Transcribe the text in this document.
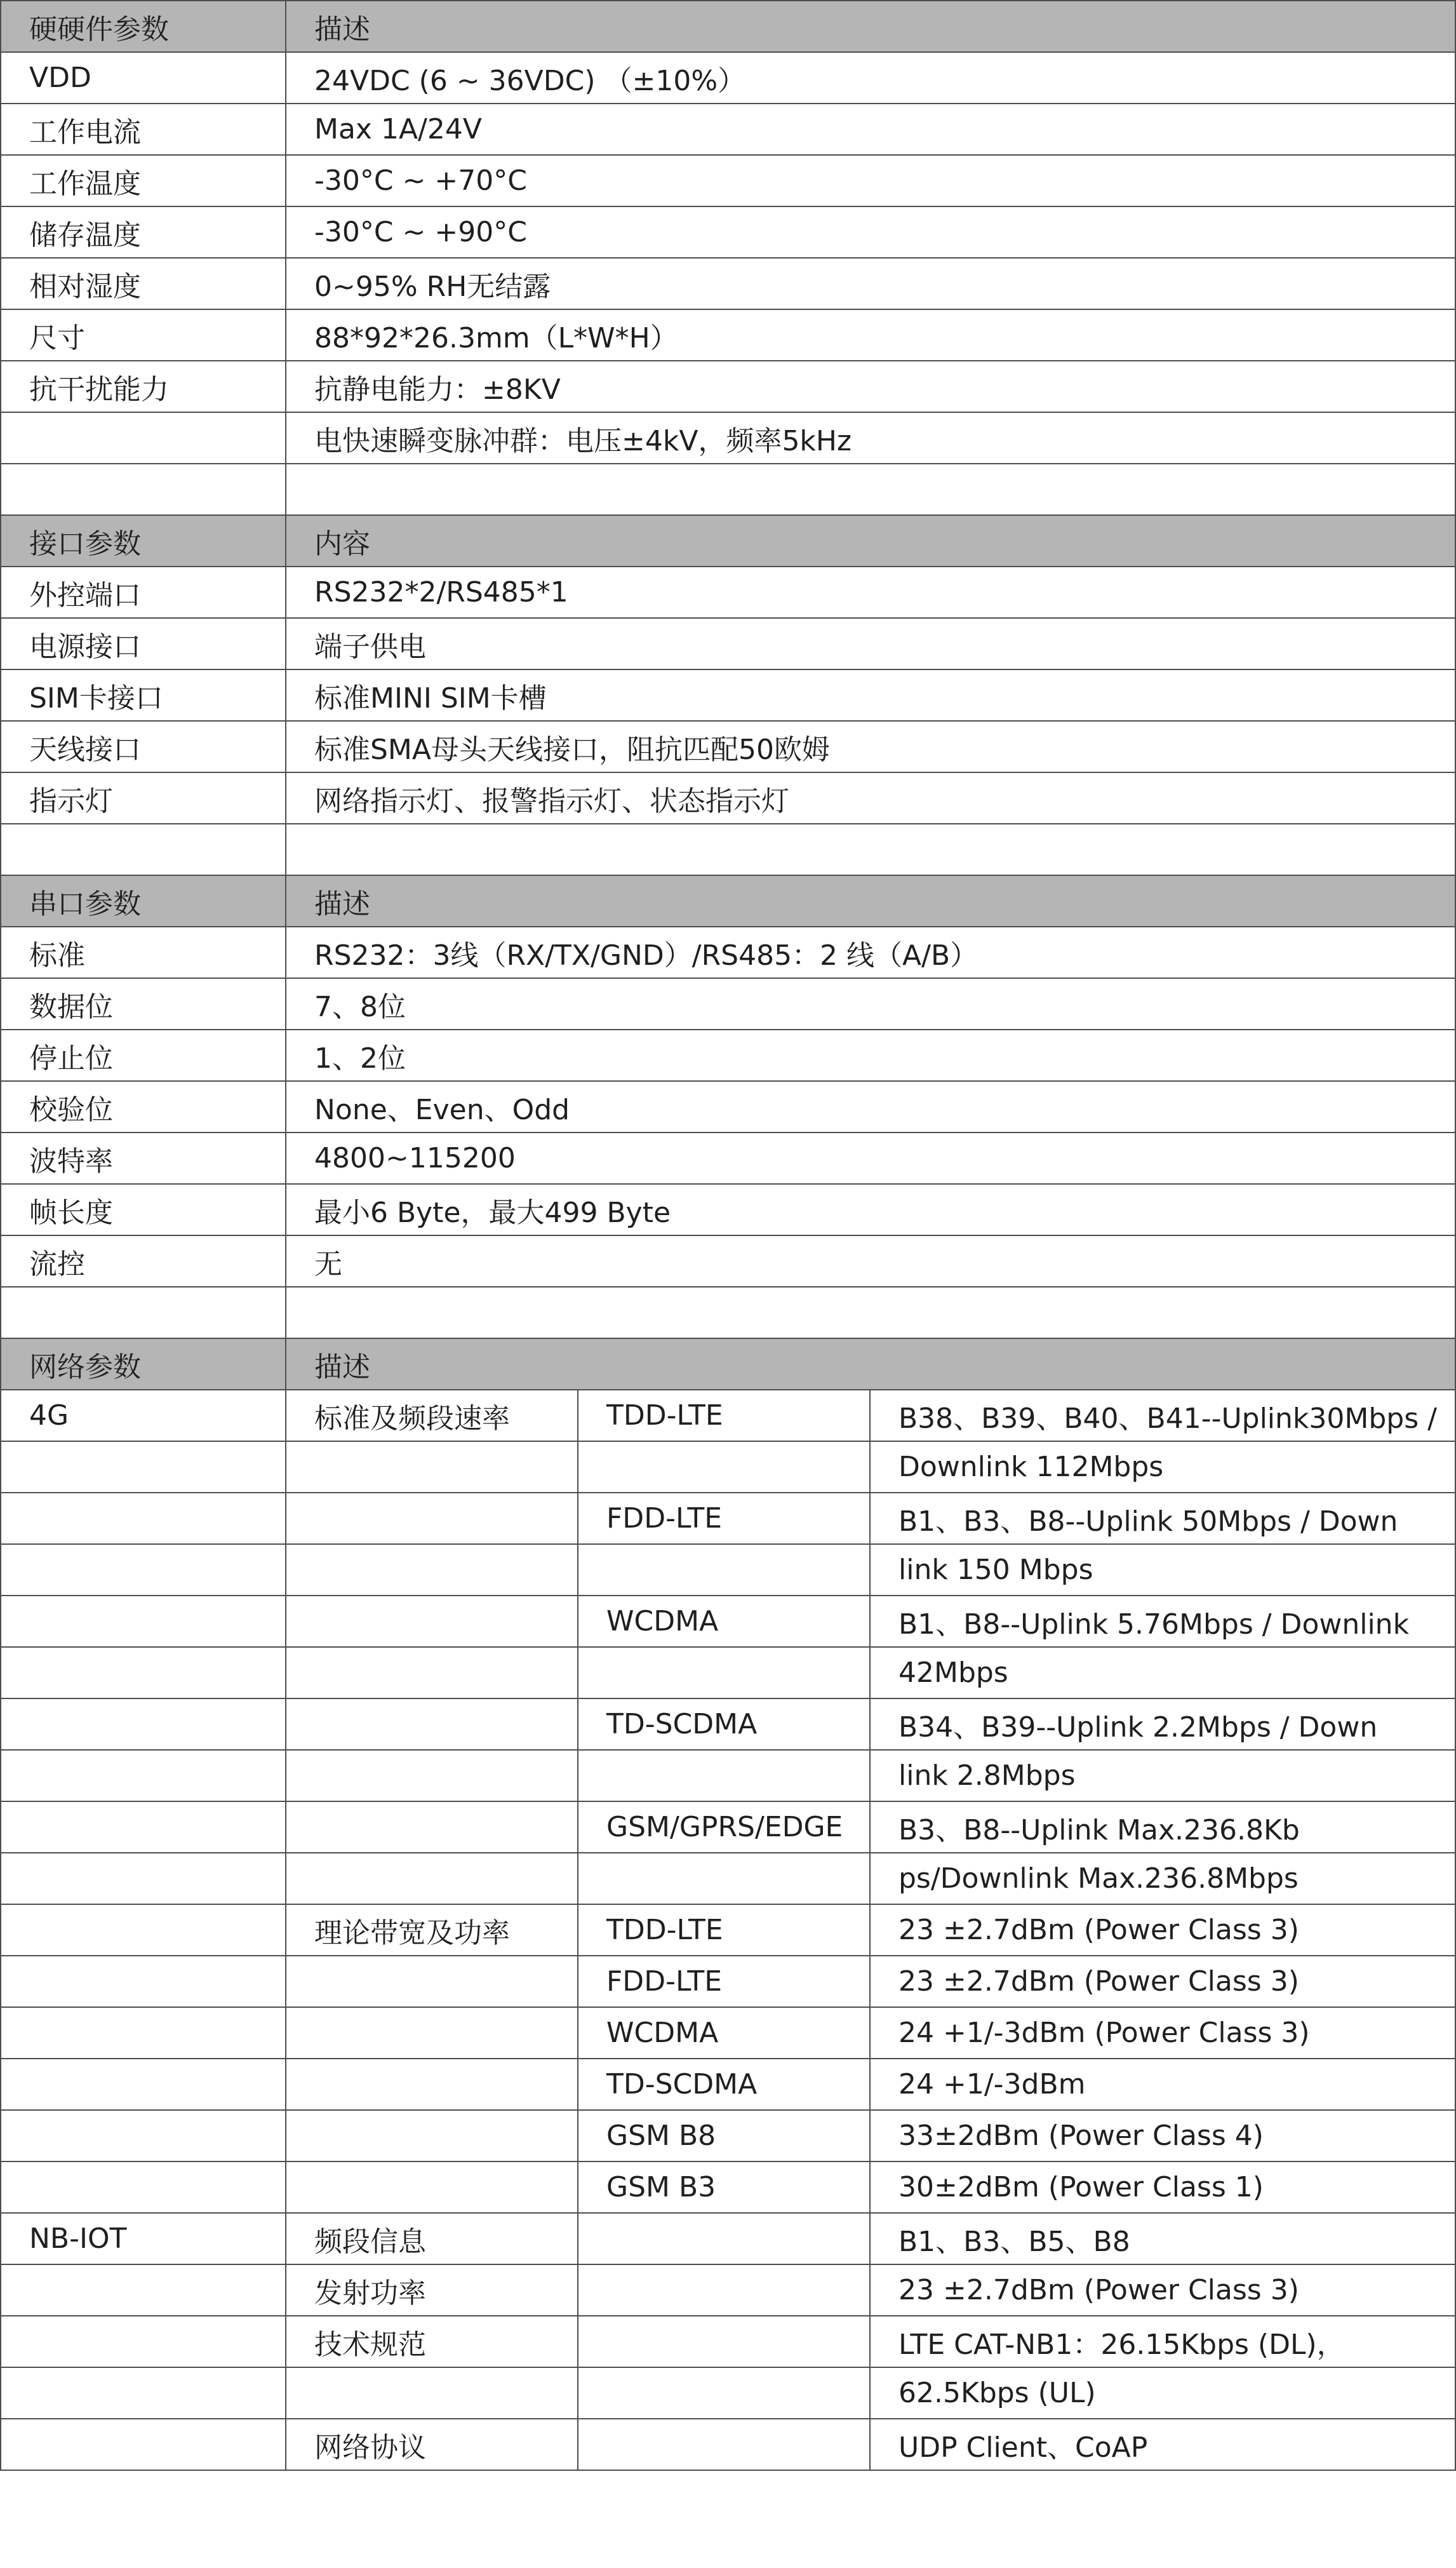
硬硬件参数	描述		
VDD	24VDC (6 ~ 36VDC) （±10%）		
工作电流	Max 1A/24V		
工作温度	-30°C ~ +70°C		
储存温度	-30°C ~ +90°C		
相对湿度	0~95% RH无结露		
尺寸	88*92*26.3mm（L*W*H）		
抗干扰能力	抗静电能力：±8KV		
	电快速瞬变脉冲群：电压±4kV，频率5kHz		

接口参数	内容		
外控端口	RS232*2/RS485*1		
电源接口	端子供电		
SIM卡接口	标准MINI SIM卡槽		
天线接口	标准SMA母头天线接口，阻抗匹配50欧姆		
指示灯	网络指示灯、报警指示灯、状态指示灯		

串口参数	描述		
标准	RS232：3线（RX/TX/GND）/RS485：2 线（A/B）		
数据位	7、8位		
停止位	1、2位		
校验位	None、Even、Odd		
波特率	4800~115200		
帧长度	最小6 Byte，最大499 Byte		
流控	无		

网络参数	描述		
4G	标准及频段速率	TDD-LTE	B38、B39、B40、B41--Uplink30Mbps /
			Downlink 112Mbps
		FDD-LTE	B1、B3、B8--Uplink 50Mbps / Down
			link 150 Mbps
		WCDMA	B1、B8--Uplink 5.76Mbps / Downlink
			42Mbps
		TD-SCDMA	B34、B39--Uplink 2.2Mbps / Down
			link 2.8Mbps
		GSM/GPRS/EDGE	B3、B8--Uplink Max.236.8Kb
			ps/Downlink Max.236.8Mbps
	理论带宽及功率	TDD-LTE	23 ±2.7dBm (Power Class 3)
		FDD-LTE	23 ±2.7dBm (Power Class 3)
		WCDMA	24 +1/-3dBm (Power Class 3)
		TD-SCDMA	24 +1/-3dBm
		GSM B8	33±2dBm (Power Class 4)
		GSM B3	30±2dBm (Power Class 1)
NB-IOT	频段信息		B1、B3、B5、B8
	发射功率		23 ±2.7dBm (Power Class 3)
	技术规范		LTE CAT-NB1：26.15Kbps (DL)，
			62.5Kbps (UL)
	网络协议		UDP Client、CoAP
